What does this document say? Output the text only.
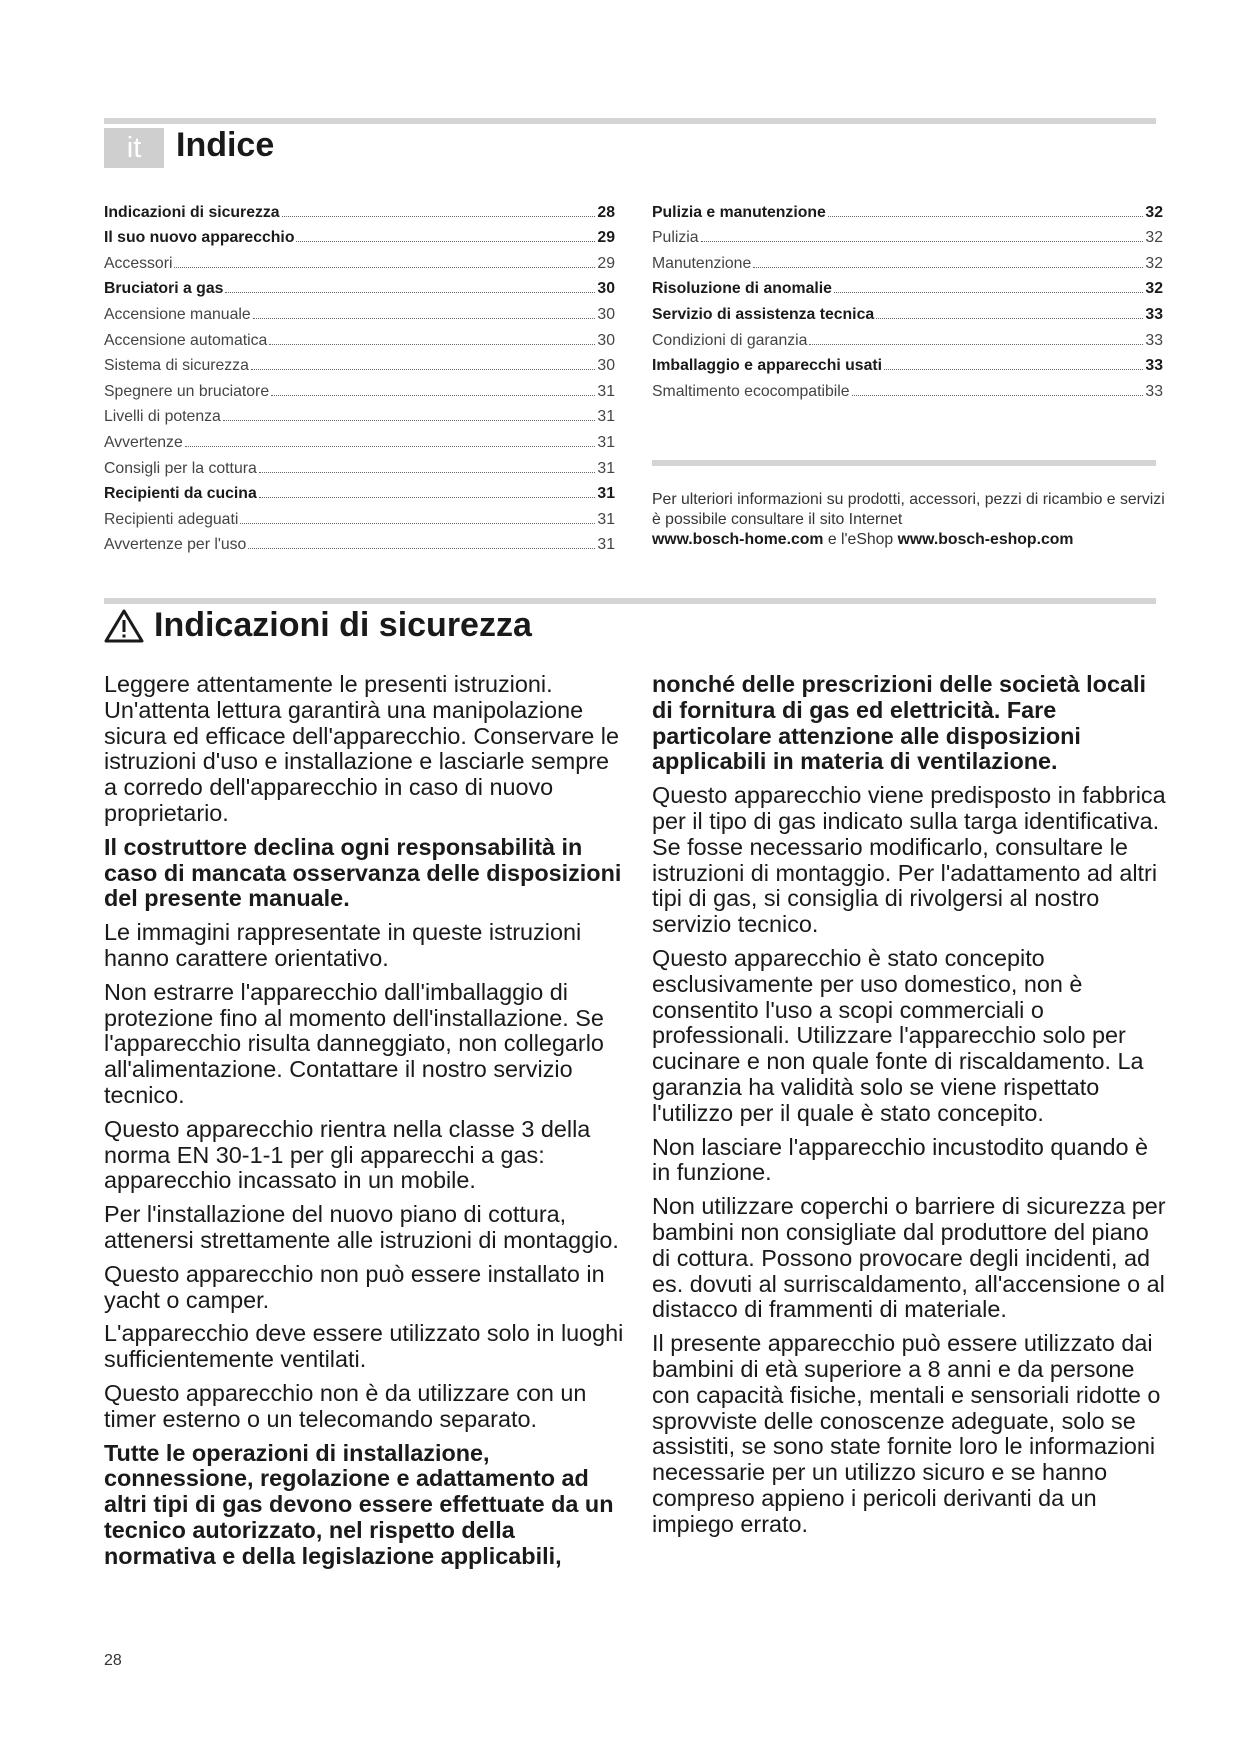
it	Indice
Indicazioni di sicurezza	28
Il suo nuovo apparecchio	29
Accessori	29
Bruciatori a gas	30
Accensione manuale	30
Accensione automatica	30
Sistema di sicurezza	30
Spegnere un bruciatore	31
Livelli di potenza	31
Avvertenze	31
Consigli per la cottura	31
Recipienti da cucina	31
Recipienti adeguati	31
Avvertenze per l'uso	31
Pulizia e manutenzione	32
Pulizia	32
Manutenzione	32
Risoluzione di anomalie	32
Servizio di assistenza tecnica	33
Condizioni di garanzia	33
Imballaggio e apparecchi usati	33
Smaltimento ecocompatibile	33
Per ulteriori informazioni su prodotti, accessori, pezzi di ricambio e servizi è possibile consultare il sito Internet
www.bosch-home.com e l'eShop www.bosch-eshop.com
Indicazioni di sicurezza

Leggere attentamente le presenti istruzioni. Un'attenta lettura garantirà una manipolazione sicura ed efficace dell'apparecchio. Conservare le istruzioni d'uso e installazione e lasciarle sempre a corredo dell'apparecchio in caso di nuovo proprietario.

Il costruttore declina ogni responsabilità in caso di mancata osservanza delle disposizioni del presente manuale.

Le immagini rappresentate in queste istruzioni hanno carattere orientativo.

Non estrarre l'apparecchio dall'imballaggio di protezione fino al momento dell'installazione. Se l'apparecchio risulta danneggiato, non collegarlo all'alimentazione. Contattare il nostro servizio tecnico.

Questo apparecchio rientra nella classe 3 della norma EN 30-1-1 per gli apparecchi a gas: apparecchio incassato in un mobile.

Per l'installazione del nuovo piano di cottura, attenersi strettamente alle istruzioni di montaggio.

Questo apparecchio non può essere installato in yacht o camper.

L'apparecchio deve essere utilizzato solo in luoghi sufficientemente ventilati.

Questo apparecchio non è da utilizzare con un timer esterno o un telecomando separato.

Tutte le operazioni di installazione, connessione, regolazione e adattamento ad altri tipi di gas devono essere effettuate da un tecnico autorizzato, nel rispetto della normativa e della legislazione applicabili,

nonché delle prescrizioni delle società locali di fornitura di gas ed elettricità. Fare particolare attenzione alle disposizioni applicabili in materia di ventilazione.

Questo apparecchio viene predisposto in fabbrica per il tipo di gas indicato sulla targa identificativa. Se fosse necessario modificarlo, consultare le istruzioni di montaggio. Per l'adattamento ad altri tipi di gas, si consiglia di rivolgersi al nostro servizio tecnico.

Questo apparecchio è stato concepito esclusivamente per uso domestico, non è consentito l'uso a scopi commerciali o professionali. Utilizzare l'apparecchio solo per cucinare e non quale fonte di riscaldamento. La garanzia ha validità solo se viene rispettato l'utilizzo per il quale è stato concepito.

Non lasciare l'apparecchio incustodito quando è in funzione.

Non utilizzare coperchi o barriere di sicurezza per bambini non consigliate dal produttore del piano di cottura. Possono provocare degli incidenti, ad es. dovuti al surriscaldamento, all'accensione o al distacco di frammenti di materiale.

Il presente apparecchio può essere utilizzato dai bambini di età superiore a 8 anni e da persone con capacità fisiche, mentali e sensoriali ridotte o sprovviste delle conoscenze adeguate, solo se assistiti, se sono state fornite loro le informazioni necessarie per un utilizzo sicuro e se hanno compreso appieno i pericoli derivanti da un impiego errato.

28
